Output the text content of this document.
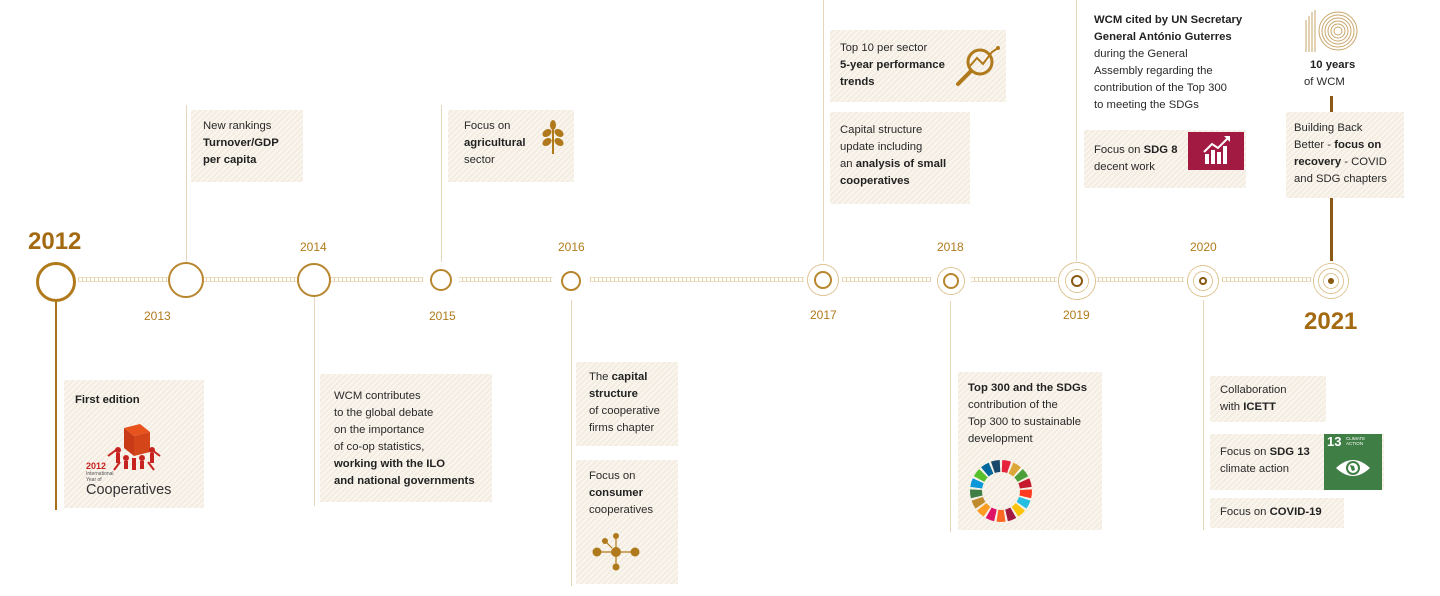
2012
2013
2014
2015
2016
2017
2018
2019
2020
2021
First edition
2012
International
Year of
Cooperatives
New rankings
Turnover/GDP
per capita
WCM contributes
to the global debate
on the importance
of co-op statistics,
working with the ILO
and national governments
Focus on
agricultural
sector
The capital
structure
of cooperative
firms chapter
Focus on
consumer
cooperatives
Top 10 per sector
5-year performance
trends
Capital structure
update including
an analysis of small
cooperatives
Top 300 and the SDGs
contribution of the
Top 300 to sustainable
development
WCM cited by UN Secretary
General António Guterres
during the General
Assembly regarding the
contribution of the Top 300
to meeting the SDGs
Focus on SDG 8
decent work
Collaboration
with ICETT
Focus on SDG 13
climate action
13 CLIMATE
ACTION
Focus on COVID-19
10 years
of WCM
Building Back
Better - focus on
recovery - COVID
and SDG chapters
